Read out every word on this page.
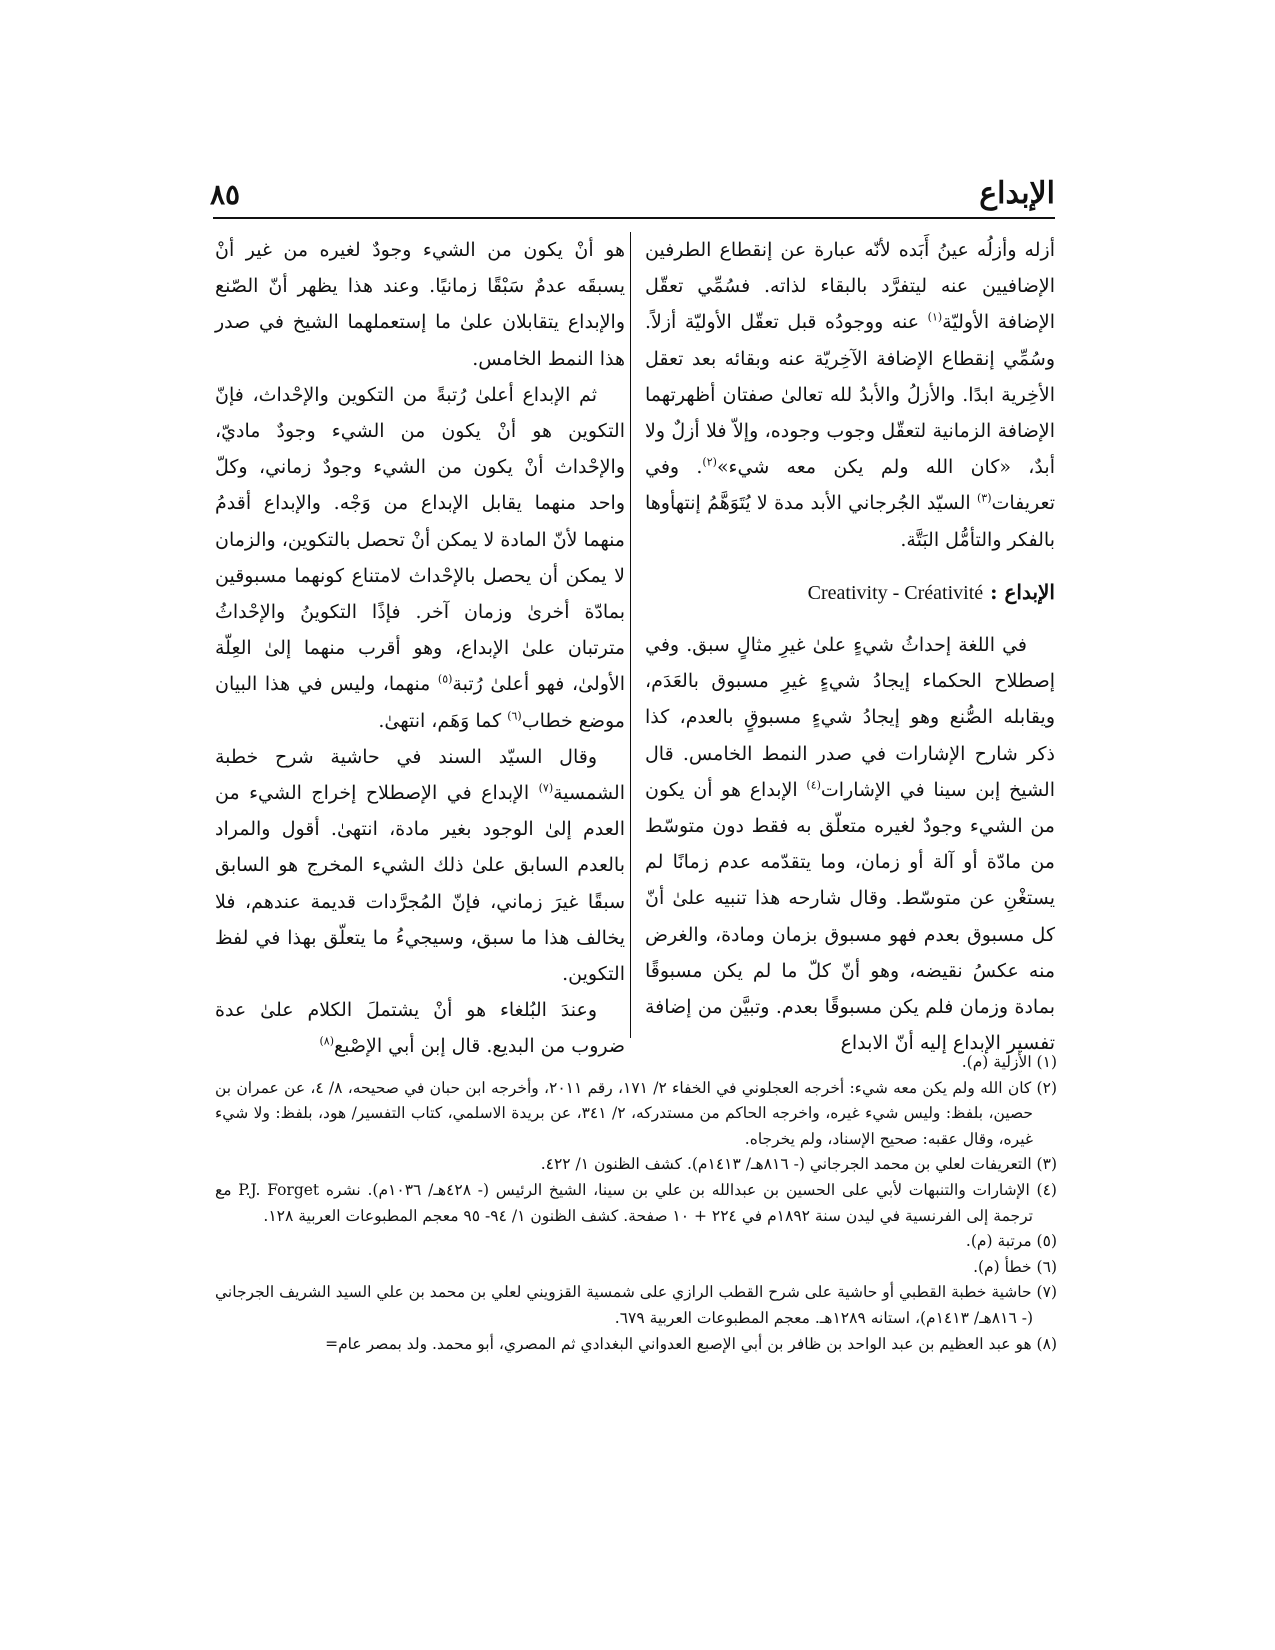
الإبداع
٨٥

أزله وأزلُه عينُ أَبَده لأنّه عبارة عن إنقطاع الطرفين الإضافيين عنه ليتفرَّد بالبقاء لذاته. فسُمِّي تعقّل الإضافة الأوليّة$^{(١)}$ عنه ووجودُه قبل تعقّل الأوليّة أزلاً. وسُمِّي إنقطاع الإضافة الآخِريّة عنه وبقائه بعد تعقل الأخِرية ابدًا. والأزلُ والأبدُ لله تعالىٰ صفتان أظهرتهما الإضافة الزمانية لتعقّل وجوب وجوده، وإلاّ فلا أزلٌ ولا أبدٌ، «كان الله ولم يكن معه شيء»$^{(٢)}$. وفي تعريفات$^{(٣)}$ السيّد الجُرجاني الأبد مدة لا يُتَوَهَّمُ إنتهأوها بالفكر والتأمُّل البَتَّة.

الإبداع : Creativity - Créativité

في اللغة إحداثُ شيءٍ علىٰ غيرِ مثالٍ سبق. وفي إصطلاح الحكماء إيجادُ شيءٍ غيرِ مسبوق بالعَدَم، ويقابله الصُّنع وهو إيجادُ شيءٍ مسبوقٍ بالعدم، كذا ذكر شارح الإشارات في صدر النمط الخامس. قال الشيخ إبن سينا في الإشارات$^{(٤)}$ الإبداع هو أن يكون من الشيء وجودٌ لغيره متعلّق به فقط دون متوسّط من مادّة أو آلة أو زمان، وما يتقدّمه عدم زمانًا لم يستغْنِ عن متوسّط. وقال شارحه هذا تنبيه علىٰ أنّ كل مسبوق بعدم فهو مسبوق بزمان ومادة، والغرض منه عكسُ نقيضه، وهو أنّ كلّ ما لم يكن مسبوقًا بمادة وزمان فلم يكن مسبوقًا بعدم. وتبيَّن من إضافة تفسير الإبداع إليه أنّ الابداع

هو أنْ يكون من الشيء وجودٌ لغيره من غير أنْ يسبقَه عدمٌ سَبْقًا زمانيًا. وعند هذا يظهر أنّ الصّنع والإبداع يتقابلان علىٰ ما إستعملهما الشيخ في صدر هذا النمط الخامس.

ثم الإبداع أعلىٰ رُتبةً من التكوين والإحْداث، فإنّ التكوين هو أنْ يكون من الشيء وجودٌ ماديّ، والإحْداث أنْ يكون من الشيء وجودٌ زماني، وكلّ واحد منهما يقابل الإبداع من وَجْه. والإبداع أقدمُ منهما لأنّ المادة لا يمكن أنْ تحصل بالتكوين، والزمان لا يمكن أن يحصل بالإحْداث لامتناع كونهما مسبوقين بمادّة أخرىٰ وزمان آخر. فإذًا التكوينُ والإحْداثُ مترتبان علىٰ الإبداع، وهو أقرب منهما إلىٰ العِلّة الأولىٰ، فهو أعلىٰ رُتبة$^{(٥)}$ منهما، وليس في هذا البيان موضع خطاب$^{(٦)}$ كما وَهَم، انتهىٰ.

وقال السيّد السند في حاشية شرح خطبة الشمسية$^{(٧)}$ الإبداع في الإصطلاح إخراج الشيء من العدم إلىٰ الوجود بغير مادة، انتهىٰ. أقول والمراد بالعدم السابق علىٰ ذلك الشيء المخرج هو السابق سبقًا غيرَ زماني، فإنّ المُجرَّدات قديمة عندهم، فلا يخالف هذا ما سبق، وسيجيءُ ما يتعلّق بهذا في لفظ التكوين.

وعندَ البُلغاء هو أنْ يشتملَ الكلام علىٰ عدة ضروب من البديع. قال إبن أبي الإصْبع$^{(٨)}$

(١) الأزلية (م).

(٢) كان الله ولم يكن معه شيء: أخرجه العجلوني في الخفاء ٢/ ١٧١، رقم ٢٠١١، وأخرجه ابن حبان في صحيحه، ٨/ ٤، عن عمران بن حصين، بلفظ: وليس شيء غيره، واخرجه الحاكم من مستدركه، ٢/ ٣٤١، عن بريدة الاسلمي، كتاب التفسير/ هود، بلفظ: ولا شيء غيره، وقال عقبه: صحيح الإسناد، ولم يخرجاه.

(٣) التعريفات لعلي بن محمد الجرجاني (- ٨١٦هـ/ ١٤١٣م). كشف الظنون ١/ ٤٢٢.

(٤) الإشارات والتنبهات لأبي على الحسين بن عبدالله بن علي بن سينا، الشيخ الرئيس (- ٤٢٨هـ/ ١٠٣٦م). نشره P.J. Forget مع ترجمة إلى الفرنسية في ليدن سنة ١٨٩٢م في ٢٢٤ + ١٠ صفحة. كشف الظنون ١/ ٩٤- ٩٥ معجم المطبوعات العربية ١٢٨.

(٥) مرتبة (م).

(٦) خطأ (م).

(٧) حاشية خطبة القطبي أو حاشية على شرح القطب الرازي على شمسية القزويني لعلي بن محمد بن علي السيد الشريف الجرجاني (- ٨١٦هـ/ ١٤١٣م)، استانه ١٢٨٩هـ. معجم المطبوعات العربية ٦٧٩.

(٨) هو عبد العظيم بن عبد الواحد بن ظافر بن أبي الإصبع العدواني البغدادي ثم المصري، أبو محمد. ولد بمصر عام=
